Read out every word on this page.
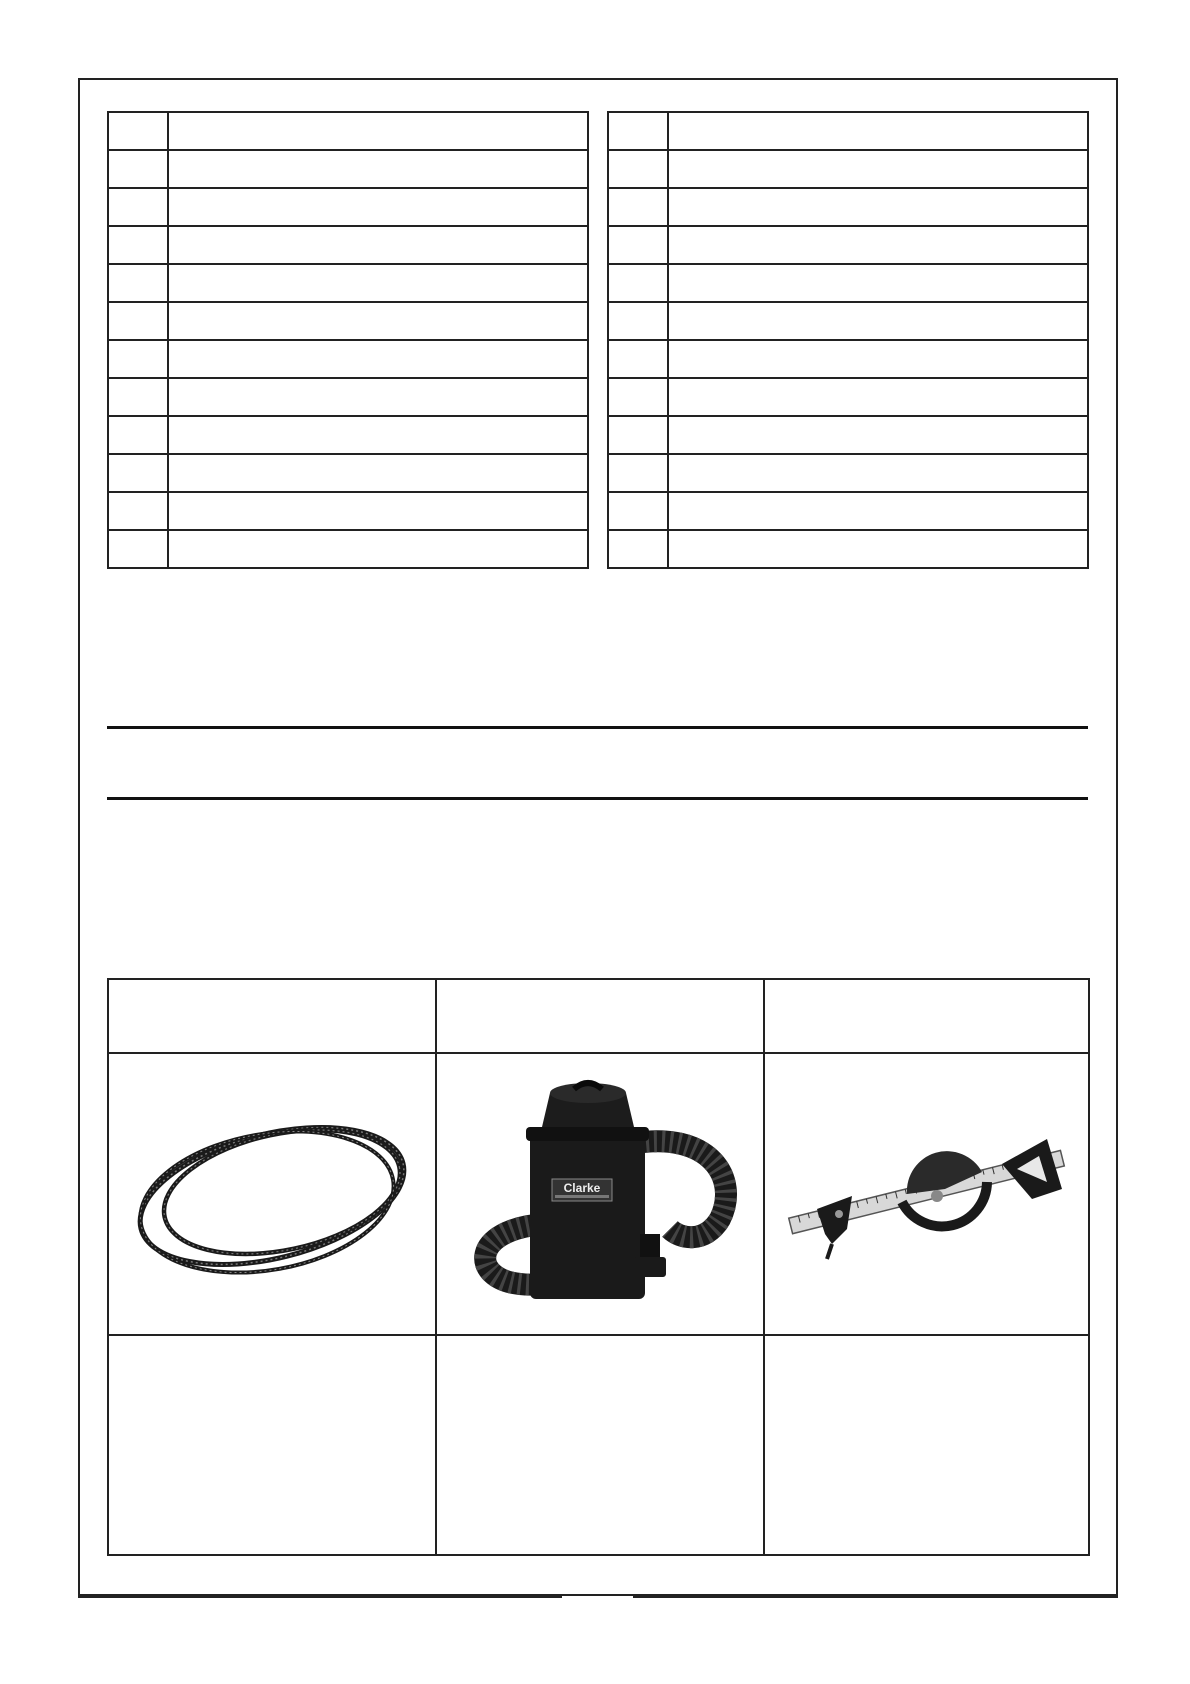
Clarke
